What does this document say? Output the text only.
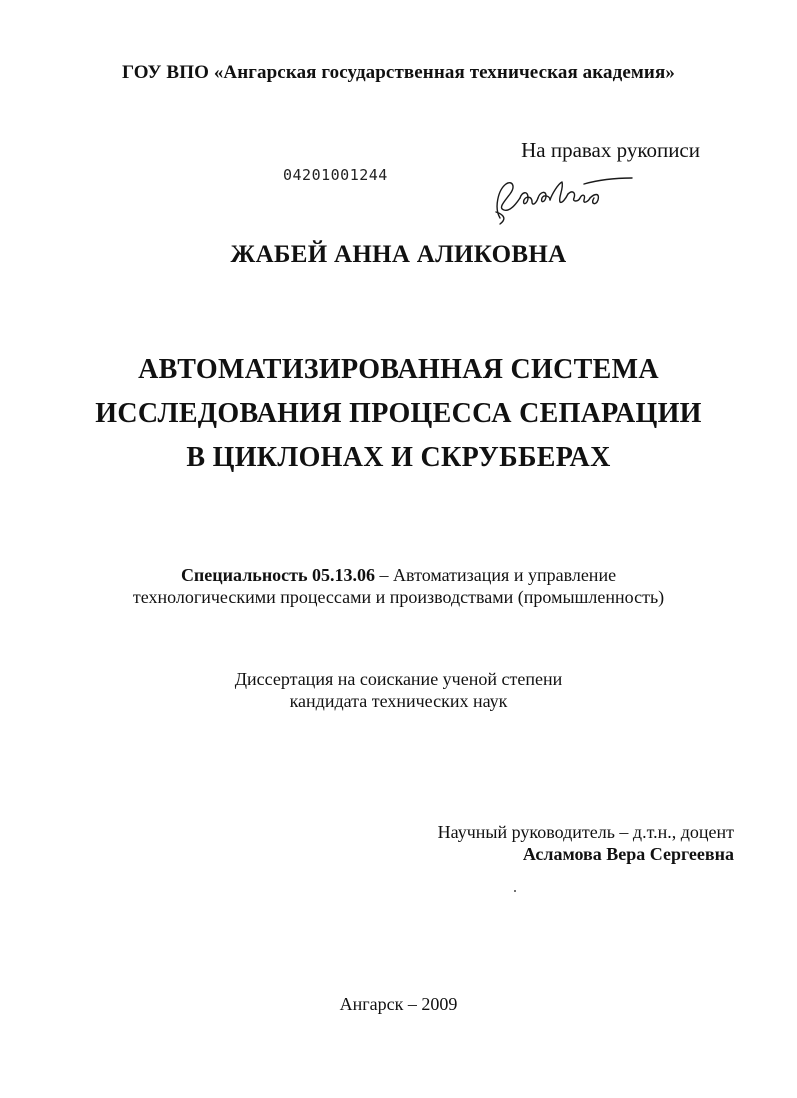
ГОУ ВПО «Ангарская государственная техническая академия»
На правах рукописи
04201001244
ЖАБЕЙ АННА АЛИКОВНА
АВТОМАТИЗИРОВАННАЯ СИСТЕМА
ИССЛЕДОВАНИЯ ПРОЦЕССА СЕПАРАЦИИ
В ЦИКЛОНАХ И СКРУББЕРАХ
Специальность 05.13.06 – Автоматизация и управление
технологическими процессами и производствами (промышленность)
Диссертация на соискание ученой степени
кандидата технических наук
Научный руководитель – д.т.н., доцент
Асламова Вера Сергеевна
Ангарск – 2009
